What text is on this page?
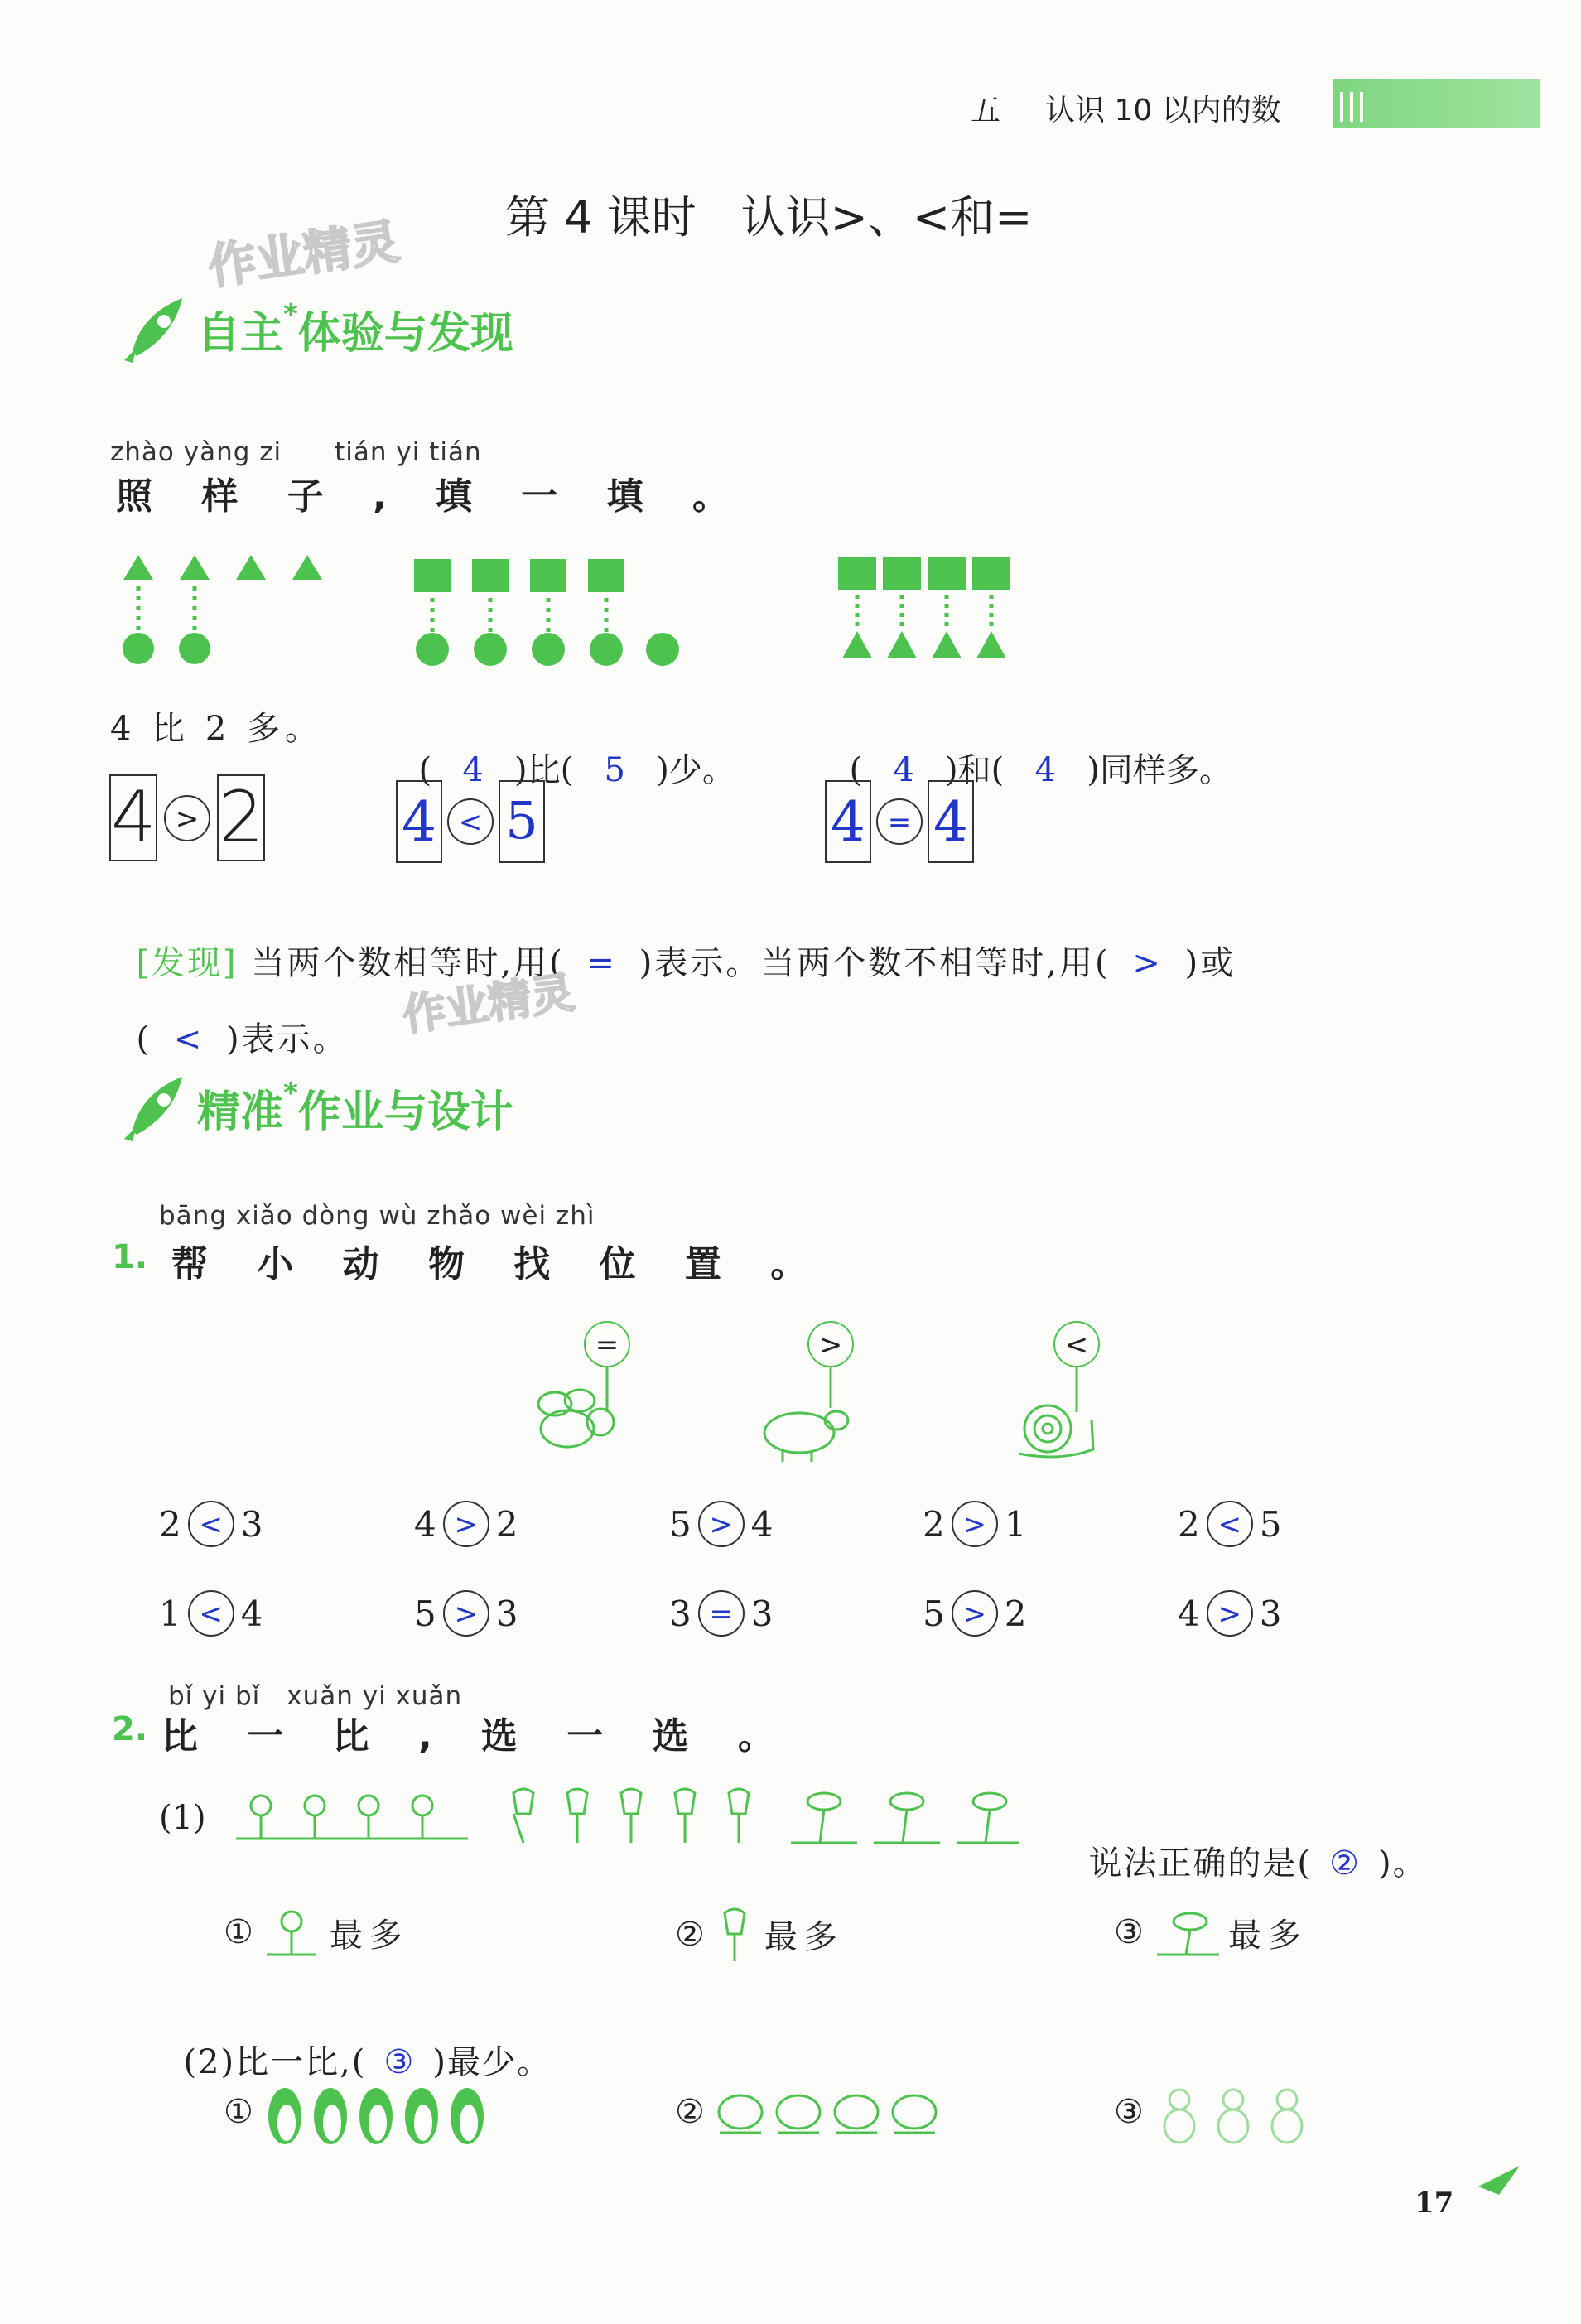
五 认识 10 以内的数
第 4 课时　认识>、<和=
作业精灵
自主*体验与发现
zhào yàng zi　　tián yi tián
照 样 子 , 填 一 填 。
4 比 2 多。

( 4 )比( 5 )少。	( 4 )和( 4 )同样多。

4 > 2	4 < 5	4 = 4

[发现] 当两个数相等时,用( = )表示。当两个数不相等时,用( > )或

( < )表示。 作业精灵
精准*作业与设计
bāng xiǎo dòng wù zhǎo wèi zhì
1. 帮 小 动 物 找 位 置 。
=	>	<
2 < 3	4 > 2	5 > 4	2 > 1	2 < 5
1 < 4	5 > 3	3 = 3	5 > 2	4 > 3
bǐ yi bǐ　xuǎn yi xuǎn
2. 比 一 比 , 选 一 选 。
(1)

说法正确的是( ② )。

① 最多	② 最多	③	最多

(2)比一比,( ③ )最少。

①	②	③
17
